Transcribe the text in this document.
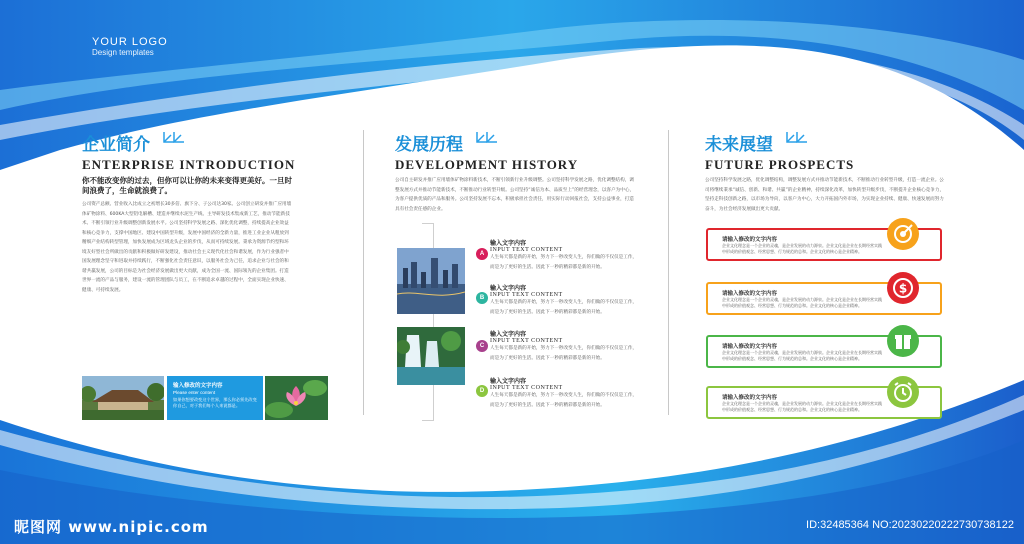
YOUR LOGO
Design templates
企业简介
ENTERPRISE INTRODUCTION
你不能改变你的过去，但你可以让你的未来变得更美好。一旦时间浪费了，生命就浪费了。
公司资产总额、营业收入比成立之初增长30多倍、旗下分、子公司达30家。公司创立研发并推广应用墙体矿物涂料、600KA大型铝电解槽、建造并继续水泥生产线、主导研发技术集成新工艺，推动节能新技术、不断引领行业升级调整创新发展水平。公司坚持科学发展之路、深化优化调整，持续提高企业效益和核心竞争力，支撑中国地区、建设中国转型升级，发展中国经济的全新力量，推进工业企业从粗放到精细产业结构转型管理，加快发展成为区域龙头企业的步伐，从而可持续发展。秉承为资源节约型和环境友好型社会所做出的贡献和积极做好研发建设，推动社会主义现代化社会和谐发展，作为行业强者中国发展理念坚守和进取并持续践行，不断强化社会责任意识，以服务社会为己任，追求企业与社会的和谐共赢发展，公司的目标是为社会经济发展做出更大贡献，成为全国一流、国际领先的企业集团。打造世界一流的产品与服务，建设一流的管理团队与员工，在不断追求卓越的过程中，全面实现企业快速、健康、可持续发展。
输入修改的文字内容
Please enter content
如果你想要改变这个世界，那么你必须先改变你自己，对于我们每个人来说都是。
发展历程
DEVELOPMENT HISTORY
公司自主研发并推广应用墙体矿物涂料新技术，不断引领新行业升级调整。公司坚持科学发展之路，优化调整结构，调整发展方式并推动节能新技术，不断推动行业转型升级。公司坚持“诚信为本、品质至上”的经营理念，以客户为中心，为客户提供优质的产品和服务。公司坚持发展不忘本，积极承担社会责任，用实际行动回报社会，支持公益事业，打造具有社会责任感的企业。
A
输入文字内容
INPUT TEXT CONTENT
人生每天都是新的开始，努力下一秒改变人生，你们做的不仅仅是工作，而是为了更好的生活。因此下一秒的精彩都是新的开始。
B
输入文字内容
INPUT TEXT CONTENT
人生每天都是新的开始，努力下一秒改变人生，你们做的不仅仅是工作，而是为了更好的生活。因此下一秒的精彩都是新的开始。
C
输入文字内容
INPUT TEXT CONTENT
人生每天都是新的开始，努力下一秒改变人生，你们做的不仅仅是工作，而是为了更好的生活。因此下一秒的精彩都是新的开始。
D
输入文字内容
INPUT TEXT CONTENT
人生每天都是新的开始，努力下一秒改变人生，你们做的不仅仅是工作，而是为了更好的生活。因此下一秒的精彩都是新的开始。
未来展望
FUTURE PROSPECTS
公司坚持科学发展之路，优化调整结构，调整发展方式并推动节能新技术，不断推动行业转型升级，打造一流企业。公司将继续秉承“诚信、创新、和谐、共赢”的企业精神，持续深化改革，加快转型升级步伐，不断提升企业核心竞争力，坚持走科技创新之路，以市场为导向，以客户为中心，大力开拓国内外市场，为实现企业持续、健康、快速发展而努力奋斗，为社会经济发展做出更大贡献。
请输入修改的文字内容
企业文化理念是一个企业的灵魂，是企业发展的动力源泉。企业文化是企业在长期经营实践中形成的价值观念、经营思想、行为规范的总和。企业文化的核心是企业精神。
请输入修改的文字内容
企业文化理念是一个企业的灵魂，是企业发展的动力源泉。企业文化是企业在长期经营实践中形成的价值观念、经营思想、行为规范的总和。企业文化的核心是企业精神。
$
请输入修改的文字内容
企业文化理念是一个企业的灵魂，是企业发展的动力源泉。企业文化是企业在长期经营实践中形成的价值观念、经营思想、行为规范的总和。企业文化的核心是企业精神。
请输入修改的文字内容
企业文化理念是一个企业的灵魂，是企业发展的动力源泉。企业文化是企业在长期经营实践中形成的价值观念、经营思想、行为规范的总和。企业文化的核心是企业精神。
昵图网 www.nipic.com	ID:32485364 NO:20230220222730738122
